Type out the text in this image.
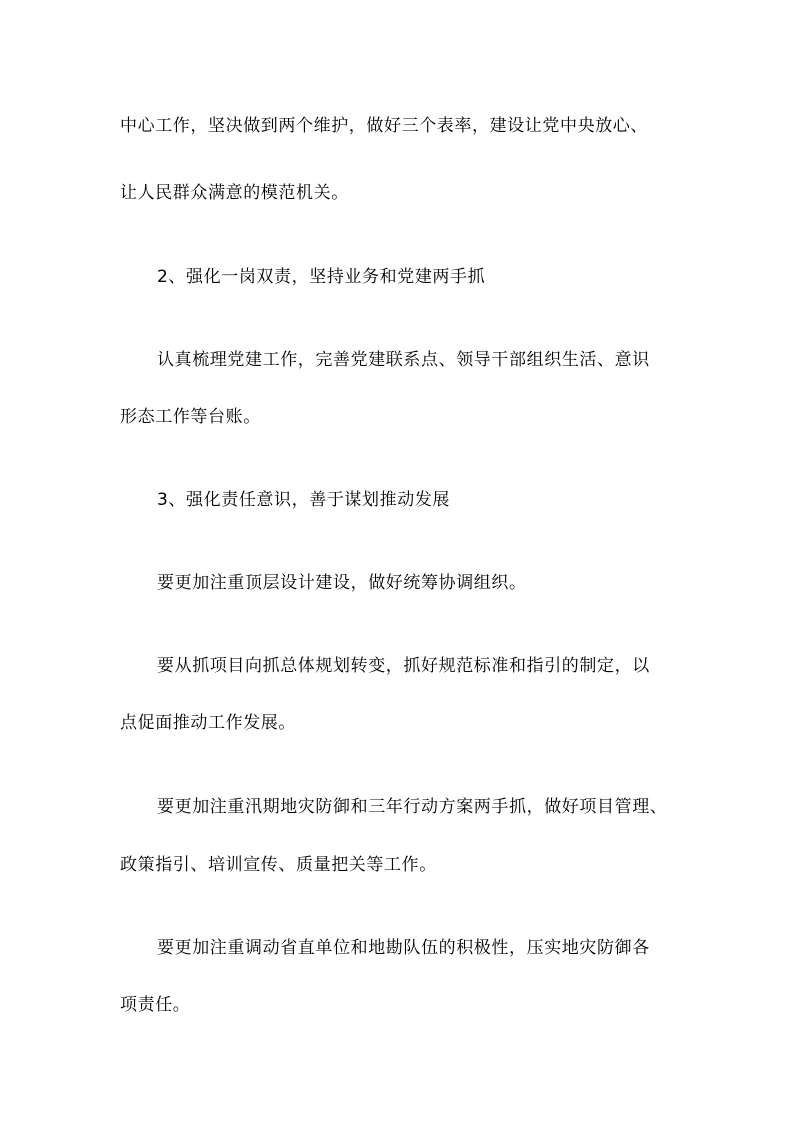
中心工作，坚决做到两个维护，做好三个表率，建设让党中央放心、

让人民群众满意的模范机关。

2、强化一岗双责，坚持业务和党建两手抓

认真梳理党建工作，完善党建联系点、领导干部组织生活、意识

形态工作等台账。

3、强化责任意识，善于谋划推动发展

要更加注重顶层设计建设，做好统筹协调组织。

要从抓项目向抓总体规划转变，抓好规范标准和指引的制定，以

点促面推动工作发展。

要更加注重汛期地灾防御和三年行动方案两手抓，做好项目管理、

政策指引、培训宣传、质量把关等工作。

要更加注重调动省直单位和地勘队伍的积极性，压实地灾防御各

项责任。
